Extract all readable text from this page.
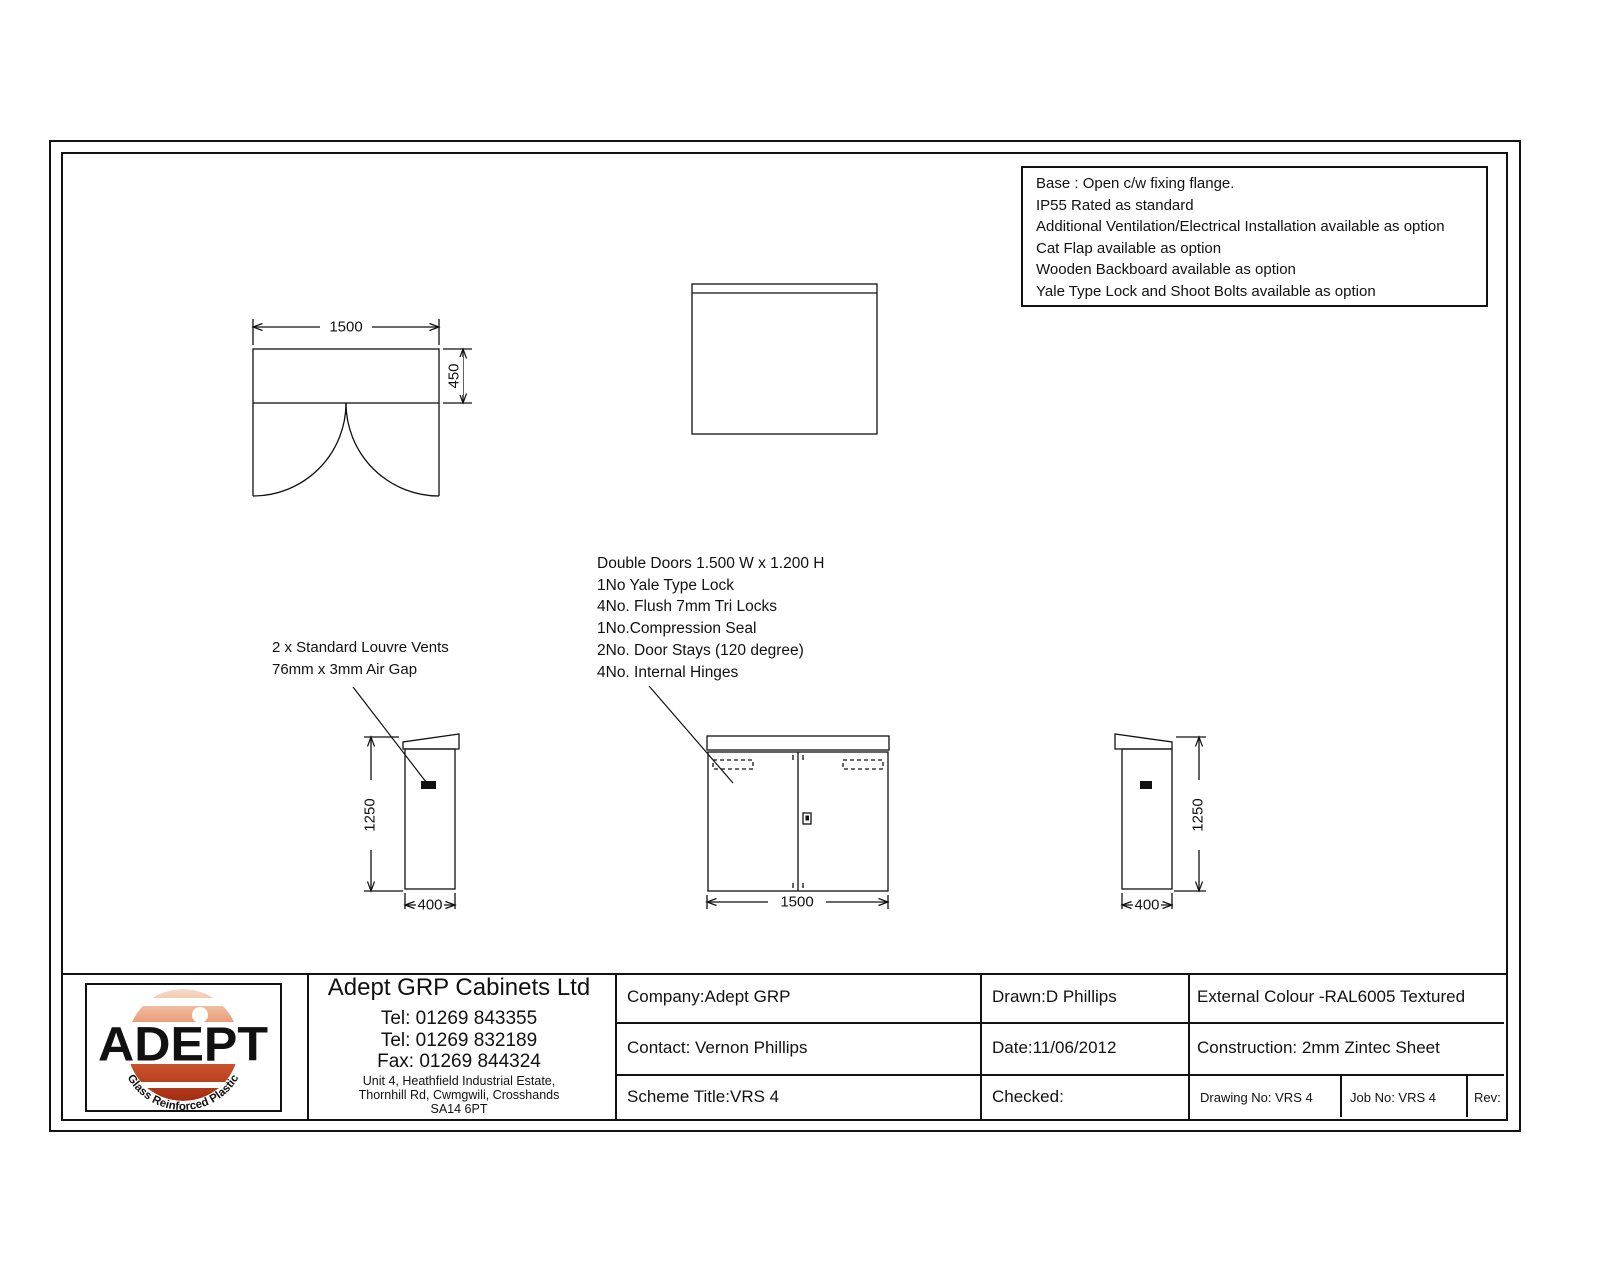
1500
450
1250
400	1500
1250
400
Base : Open c/w fixing flange.
IP55 Rated as standard
Additional Ventilation/Electrical Installation available as option
Cat Flap available as option
Wooden Backboard available as option
Yale Type Lock and Shoot Bolts available as option
Double Doors 1.500 W x 1.200 H
1No Yale Type Lock
4No. Flush 7mm Tri Locks
1No.Compression Seal
2No. Door Stays (120 degree)
4No. Internal Hinges
2 x Standard Louvre Vents
76mm x 3mm Air Gap
ADEPT
Glass Reinforced Plastic
Adept GRP Cabinets Ltd
Tel: 01269 843355
Tel: 01269 832189
Fax: 01269 844324
Unit 4, Heathfield Industrial Estate,
Thornhill Rd, Cwmgwili, Crosshands
SA14 6PT
Company:Adept GRP
Contact: Vernon Phillips
Scheme Title:VRS 4
Drawn:D Phillips
Date:11/06/2012
Checked:
External Colour -RAL6005 Textured
Construction: 2mm Zintec Sheet
Drawing No: VRS 4	Job No: VRS 4	Rev:
